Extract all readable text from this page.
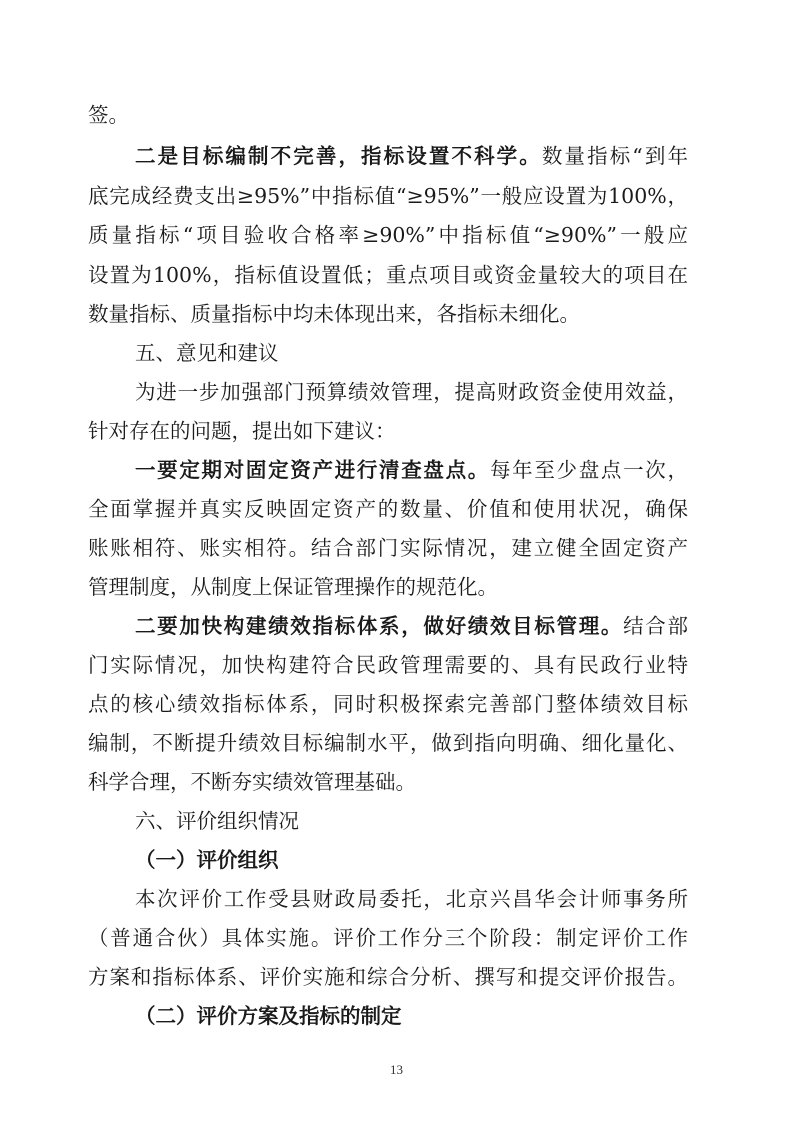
签。
二是目标编制不完善，指标设置不科学。数量指标“到年
底完成经费支出≥95%”中指标值“≥95%”一般应设置为100%，
质量指标“项目验收合格率≥90%”中指标值“≥90%”一般应
设置为100%，指标值设置低；重点项目或资金量较大的项目在
数量指标、质量指标中均未体现出来，各指标未细化。
五、意见和建议
为进一步加强部门预算绩效管理，提高财政资金使用效益，
针对存在的问题，提出如下建议：
一要定期对固定资产进行清查盘点。每年至少盘点一次，
全面掌握并真实反映固定资产的数量、价值和使用状况，确保
账账相符、账实相符。结合部门实际情况，建立健全固定资产
管理制度，从制度上保证管理操作的规范化。
二要加快构建绩效指标体系，做好绩效目标管理。结合部
门实际情况，加快构建符合民政管理需要的、具有民政行业特
点的核心绩效指标体系，同时积极探索完善部门整体绩效目标
编制，不断提升绩效目标编制水平，做到指向明确、细化量化、
科学合理，不断夯实绩效管理基础。
六、评价组织情况
（一）评价组织
本次评价工作受县财政局委托，北京兴昌华会计师事务所
（普通合伙）具体实施。评价工作分三个阶段：制定评价工作
方案和指标体系、评价实施和综合分析、撰写和提交评价报告。
（二）评价方案及指标的制定
13
